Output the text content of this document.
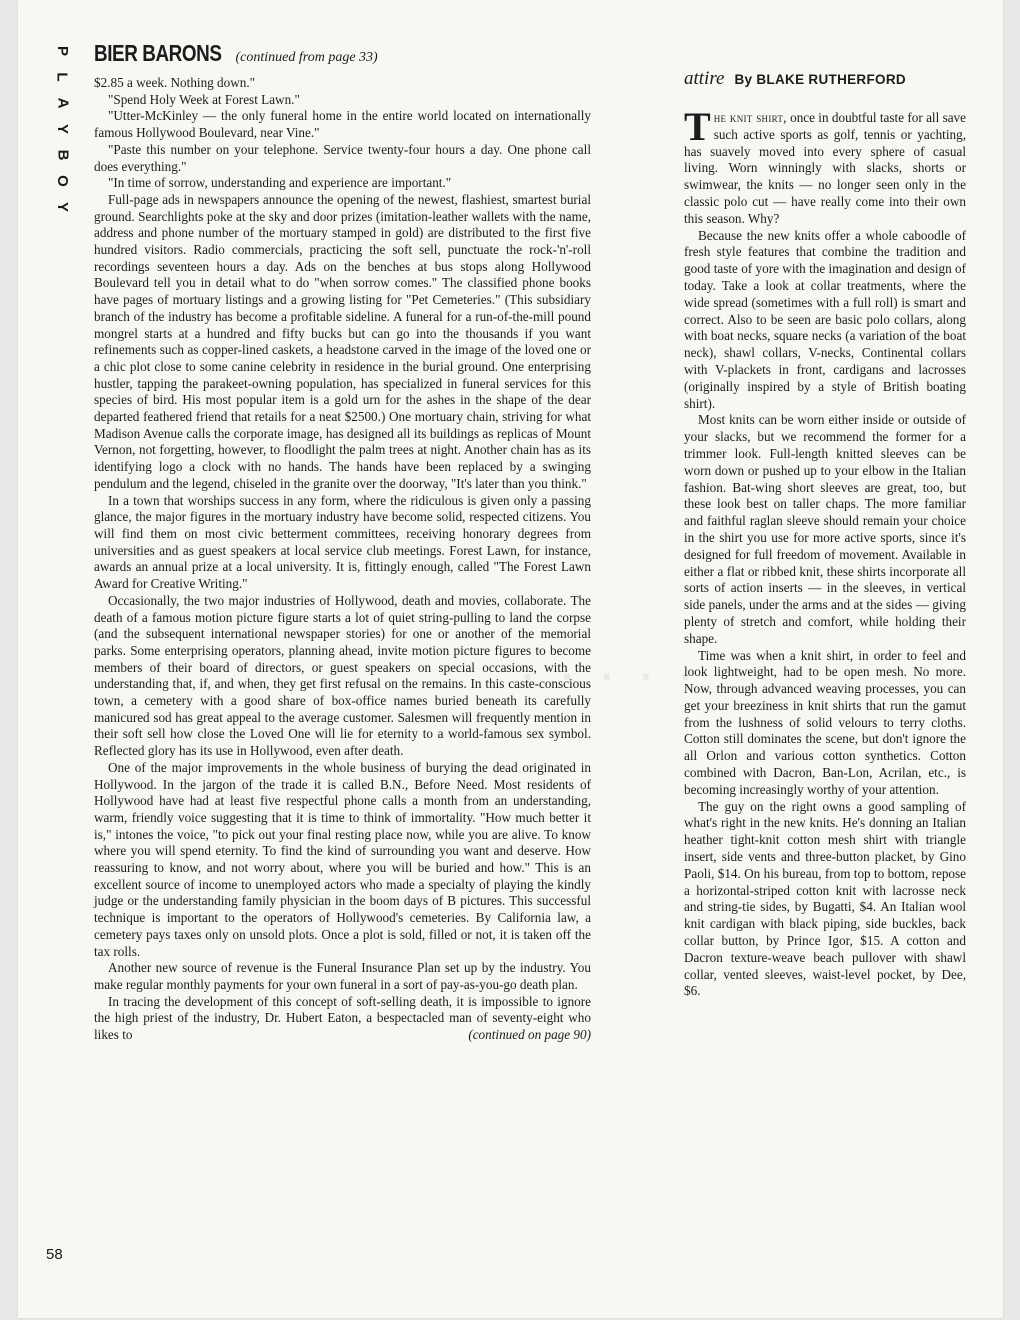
P
L
A
Y
B
O
Y
58
BIER BARONS (continued from page 33)

$2.85 a week. Nothing down."

"Spend Holy Week at Forest Lawn."

"Utter-McKinley — the only funeral home in the entire world located on internationally famous Hollywood Boulevard, near Vine."

"Paste this number on your telephone. Service twenty-four hours a day. One phone call does everything."

"In time of sorrow, understanding and experience are important."

Full-page ads in newspapers announce the opening of the newest, flashiest, smartest burial ground. Searchlights poke at the sky and door prizes (imitation-leather wallets with the name, address and phone number of the mortuary stamped in gold) are distributed to the first five hundred visitors. Radio commercials, practicing the soft sell, punctuate the rock-'n'-roll recordings seventeen hours a day. Ads on the benches at bus stops along Hollywood Boulevard tell you in detail what to do "when sorrow comes." The classified phone books have pages of mortuary listings and a growing listing for "Pet Cemeteries." (This subsidiary branch of the industry has become a profitable sideline. A funeral for a run-of-the-mill pound mongrel starts at a hundred and fifty bucks but can go into the thousands if you want refinements such as copper-lined caskets, a headstone carved in the image of the loved one or a chic plot close to some canine celebrity in residence in the burial ground. One enterprising hustler, tapping the parakeet-owning population, has specialized in funeral services for this species of bird. His most popular item is a gold urn for the ashes in the shape of the dear departed feathered friend that retails for a neat $2500.) One mortuary chain, striving for what Madison Avenue calls the corporate image, has designed all its buildings as replicas of Mount Vernon, not forgetting, however, to floodlight the palm trees at night. Another chain has as its identifying logo a clock with no hands. The hands have been replaced by a swinging pendulum and the legend, chiseled in the granite over the doorway, "It's later than you think."

In a town that worships success in any form, where the ridiculous is given only a passing glance, the major figures in the mortuary industry have become solid, respected citizens. You will find them on most civic betterment committees, receiving honorary degrees from universities and as guest speakers at local service club meetings. Forest Lawn, for instance, awards an annual prize at a local university. It is, fittingly enough, called "The Forest Lawn Award for Creative Writing."

Occasionally, the two major industries of Hollywood, death and movies, collaborate. The death of a famous motion picture figure starts a lot of quiet string-pulling to land the corpse (and the subsequent international newspaper stories) for one or another of the memorial parks. Some enterprising operators, planning ahead, invite motion picture figures to become members of their board of directors, or guest speakers on special occasions, with the understanding that, if, and when, they get first refusal on the remains. In this caste-conscious town, a cemetery with a good share of box-office names buried beneath its carefully manicured sod has great appeal to the average customer. Salesmen will frequently mention in their soft sell how close the Loved One will lie for eternity to a world-famous sex symbol. Reflected glory has its use in Hollywood, even after death.

One of the major improvements in the whole business of burying the dead originated in Hollywood. In the jargon of the trade it is called B.N., Before Need. Most residents of Hollywood have had at least five respectful phone calls a month from an understanding, warm, friendly voice suggesting that it is time to think of immortality. "How much better it is," intones the voice, "to pick out your final resting place now, while you are alive. To know where you will spend eternity. To find the kind of surrounding you want and deserve. How reassuring to know, and not worry about, where you will be buried and how." This is an excellent source of income to unemployed actors who made a specialty of playing the kindly judge or the understanding family physician in the boom days of B pictures. This successful technique is important to the operators of Hollywood's cemeteries. By California law, a cemetery pays taxes only on unsold plots. Once a plot is sold, filled or not, it is taken off the tax rolls.

Another new source of revenue is the Funeral Insurance Plan set up by the industry. You make regular monthly payments for your own funeral in a sort of pay-as-you-go death plan.

In tracing the development of this concept of soft-selling death, it is impossible to ignore the high priest of the industry, Dr. Hubert Eaton, a bespectacled man of seventy-eight who likes to	(continued on page 90)

· · · · ·
attire By BLAKE RUTHERFORD

The knit shirt, once in doubtful taste for all save such active sports as golf, tennis or yachting, has suavely moved into every sphere of casual living. Worn winningly with slacks, shorts or swimwear, the knits — no longer seen only in the classic polo cut — have really come into their own this season. Why?

Because the new knits offer a whole caboodle of fresh style features that combine the tradition and good taste of yore with the imagination and design of today. Take a look at collar treatments, where the wide spread (sometimes with a full roll) is smart and correct. Also to be seen are basic polo collars, along with boat necks, square necks (a variation of the boat neck), shawl collars, V-necks, Continental collars with V-plackets in front, cardigans and lacrosses (originally inspired by a style of British boating shirt).

Most knits can be worn either inside or outside of your slacks, but we recommend the former for a trimmer look. Full-length knitted sleeves can be worn down or pushed up to your elbow in the Italian fashion. Bat-wing short sleeves are great, too, but these look best on taller chaps. The more familiar and faithful raglan sleeve should remain your choice in the shirt you use for more active sports, since it's designed for full freedom of movement. Available in either a flat or ribbed knit, these shirts incorporate all sorts of action inserts — in the sleeves, in vertical side panels, under the arms and at the sides — giving plenty of stretch and comfort, while holding their shape.

Time was when a knit shirt, in order to feel and look lightweight, had to be open mesh. No more. Now, through advanced weaving processes, you can get your breeziness in knit shirts that run the gamut from the lushness of solid velours to terry cloths. Cotton still dominates the scene, but don't ignore the all Orlon and various cotton synthetics. Cotton combined with Dacron, Ban-Lon, Acrilan, etc., is becoming increasingly worthy of your attention.

The guy on the right owns a good sampling of what's right in the new knits. He's donning an Italian heather tight-knit cotton mesh shirt with triangle insert, side vents and three-button placket, by Gino Paoli, $14. On his bureau, from top to bottom, repose a horizontal-striped cotton knit with lacrosse neck and string-tie sides, by Bugatti, $4. An Italian wool knit cardigan with black piping, side buckles, back collar button, by Prince Igor, $15. A cotton and Dacron texture-weave beach pullover with shawl collar, vented sleeves, waist-level pocket, by Dee, $6.
